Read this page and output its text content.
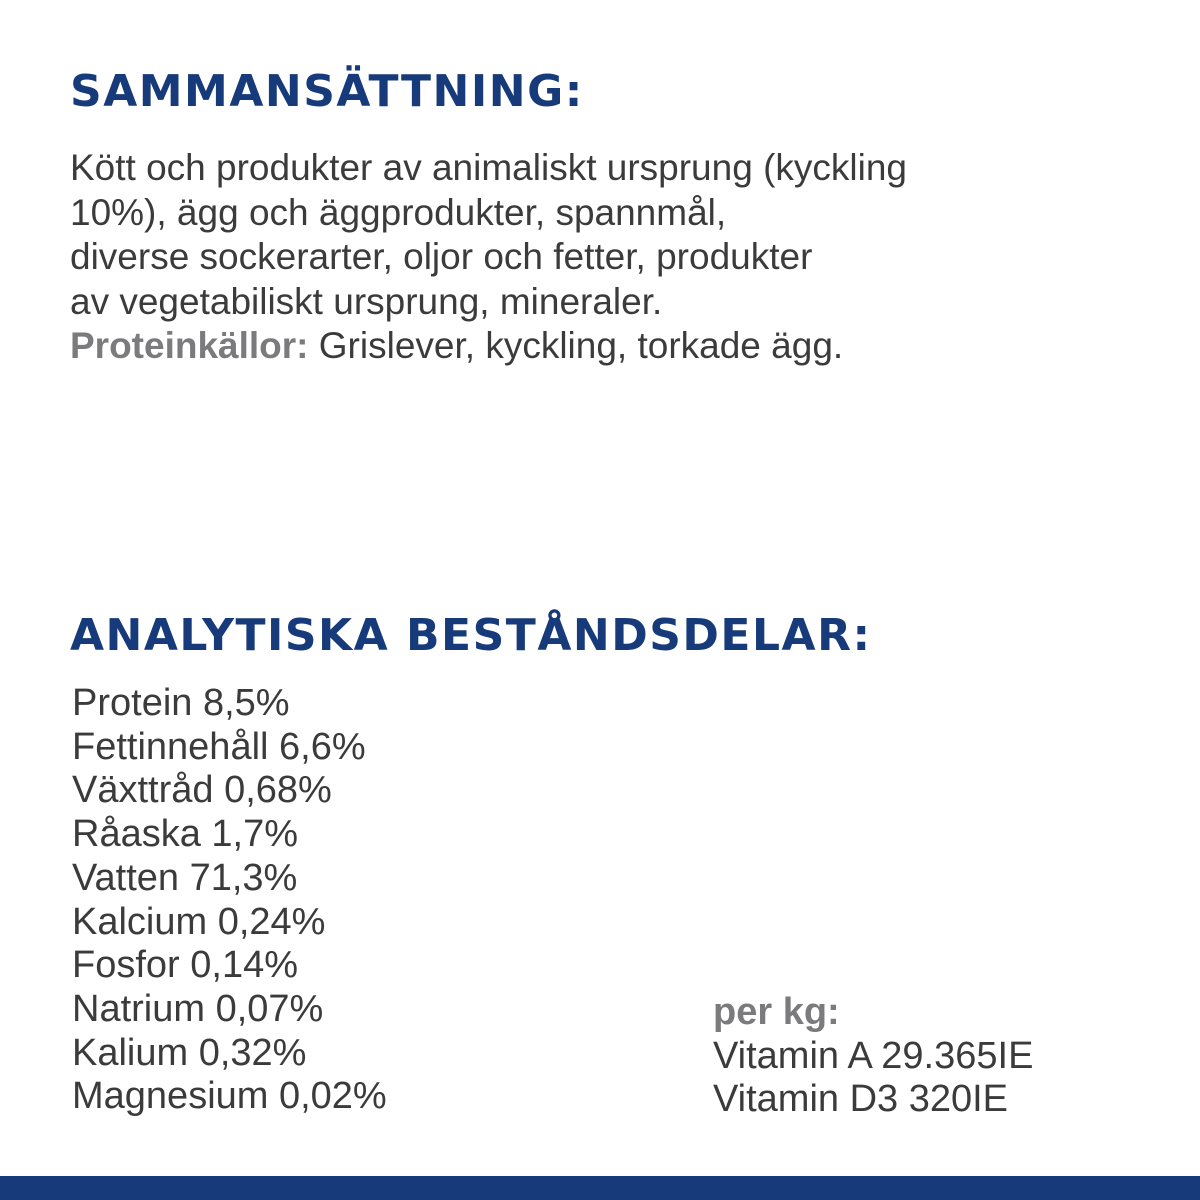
SAMMANSÄTTNING:
Kött och produkter av animaliskt ursprung (kyckling
10%), ägg och äggprodukter, spannmål,
diverse sockerarter, oljor och fetter, produkter
av vegetabiliskt ursprung, mineraler.
Proteinkällor: Grislever, kyckling, torkade ägg.
ANALYTISKA BESTÅNDSDELAR:
Protein 8,5%
Fettinnehåll 6,6%
Växttråd 0,68%
Råaska 1,7%
Vatten 71,3%
Kalcium 0,24%
Fosfor 0,14%
Natrium 0,07%
Kalium 0,32%
Magnesium 0,02%
per kg:
Vitamin A 29.365IE
Vitamin D3 320IE
